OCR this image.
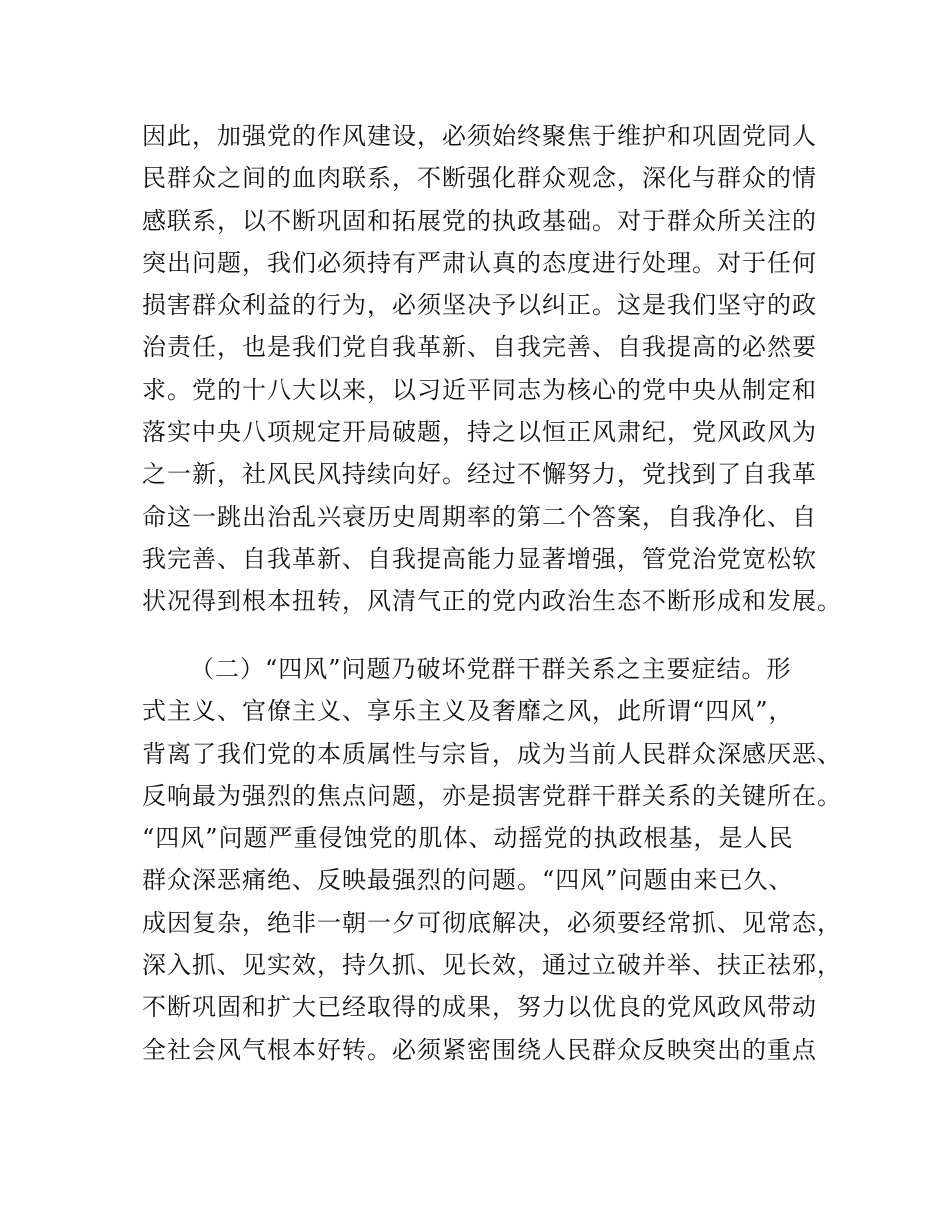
因此，加强党的作风建设，必须始终聚焦于维护和巩固党同人
民群众之间的血肉联系，不断强化群众观念，深化与群众的情
感联系，以不断巩固和拓展党的执政基础。对于群众所关注的
突出问题，我们必须持有严肃认真的态度进行处理。对于任何
损害群众利益的行为，必须坚决予以纠正。这是我们坚守的政
治责任，也是我们党自我革新、自我完善、自我提高的必然要
求。党的十八大以来，以习近平同志为核心的党中央从制定和
落实中央八项规定开局破题，持之以恒正风肃纪，党风政风为
之一新，社风民风持续向好。经过不懈努力，党找到了自我革
命这一跳出治乱兴衰历史周期率的第二个答案，自我净化、自
我完善、自我革新、自我提高能力显著增强，管党治党宽松软
状况得到根本扭转，风清气正的党内政治生态不断形成和发展。
（二）“四风”问题乃破坏党群干群关系之主要症结。形
式主义、官僚主义、享乐主义及奢靡之风，此所谓“四风”，
背离了我们党的本质属性与宗旨，成为当前人民群众深感厌恶、
反响最为强烈的焦点问题，亦是损害党群干群关系的关键所在。
“四风”问题严重侵蚀党的肌体、动摇党的执政根基，是人民
群众深恶痛绝、反映最强烈的问题。“四风”问题由来已久、
成因复杂，绝非一朝一夕可彻底解决，必须要经常抓、见常态，
深入抓、见实效，持久抓、见长效，通过立破并举、扶正祛邪，
不断巩固和扩大已经取得的成果，努力以优良的党风政风带动
全社会风气根本好转。必须紧密围绕人民群众反映突出的重点
